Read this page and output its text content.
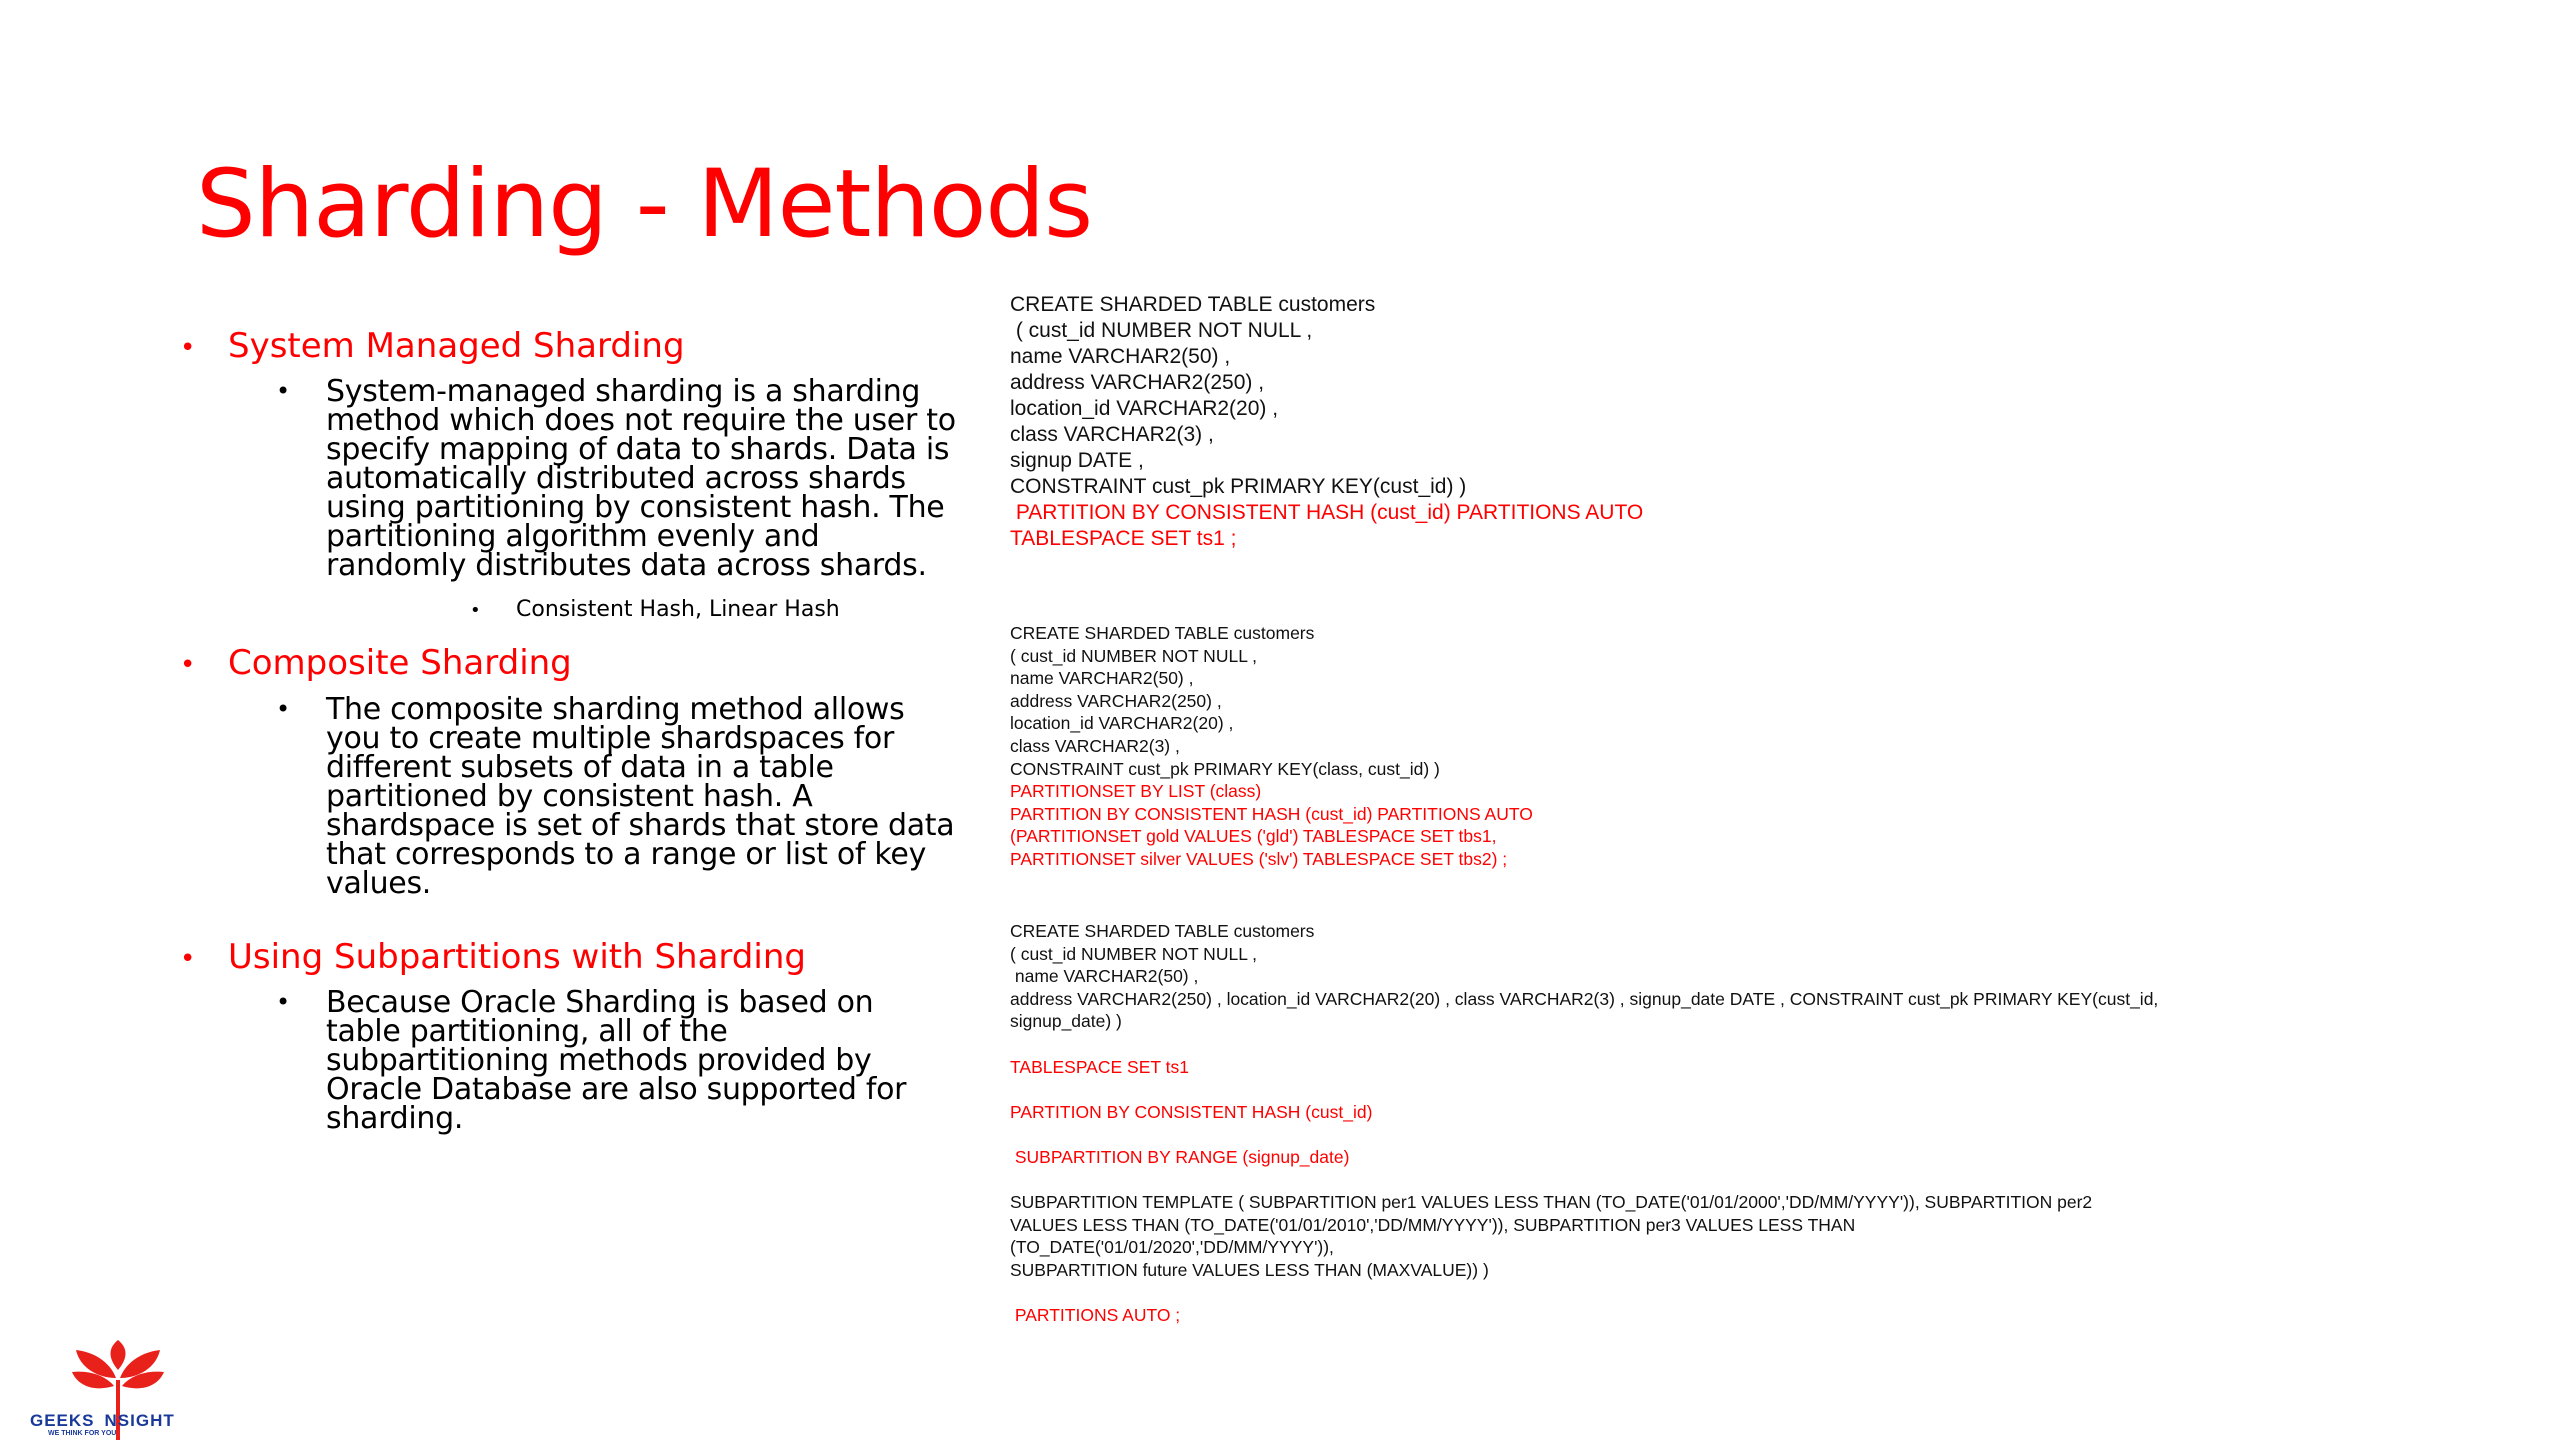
Sharding - Methods
• System Managed Sharding
• System-managed sharding is a sharding method which does not require the user to specify mapping of data to shards. Data is automatically distributed across shards using partitioning by consistent hash. The partitioning algorithm evenly and randomly distributes data across shards.
• Consistent Hash, Linear Hash
• Composite Sharding
• The composite sharding method allows you to create multiple shardspaces for different subsets of data in a table partitioned by consistent hash. A shardspace is set of shards that store data that corresponds to a range or list of key values.
• Using Subpartitions with Sharding
• Because Oracle Sharding is based on table partitioning, all of the subpartitioning methods provided by Oracle Database are also supported for sharding.
CREATE SHARDED TABLE customers
( cust_id NUMBER NOT NULL ,
name VARCHAR2(50) ,
address VARCHAR2(250) ,
location_id VARCHAR2(20) ,
class VARCHAR2(3) ,
signup DATE ,
CONSTRAINT cust_pk PRIMARY KEY(cust_id) )
PARTITION BY CONSISTENT HASH (cust_id) PARTITIONS AUTO
TABLESPACE SET ts1 ;
CREATE SHARDED TABLE customers
( cust_id NUMBER NOT NULL ,
name VARCHAR2(50) ,
address VARCHAR2(250) ,
location_id VARCHAR2(20) ,
class VARCHAR2(3) ,
CONSTRAINT cust_pk PRIMARY KEY(class, cust_id) )
PARTITIONSET BY LIST (class)
PARTITION BY CONSISTENT HASH (cust_id) PARTITIONS AUTO
(PARTITIONSET gold VALUES ('gld') TABLESPACE SET tbs1,
PARTITIONSET silver VALUES ('slv') TABLESPACE SET tbs2) ;
CREATE SHARDED TABLE customers
( cust_id NUMBER NOT NULL ,
name VARCHAR2(50) ,
address VARCHAR2(250) , location_id VARCHAR2(20) , class VARCHAR2(3) , signup_date DATE , CONSTRAINT cust_pk PRIMARY KEY(cust_id,
signup_date) )
TABLESPACE SET ts1
PARTITION BY CONSISTENT HASH (cust_id)
SUBPARTITION BY RANGE (signup_date)
SUBPARTITION TEMPLATE ( SUBPARTITION per1 VALUES LESS THAN (TO_DATE('01/01/2000','DD/MM/YYYY')), SUBPARTITION per2
VALUES LESS THAN (TO_DATE('01/01/2010','DD/MM/YYYY')), SUBPARTITION per3 VALUES LESS THAN
(TO_DATE('01/01/2020','DD/MM/YYYY')),
SUBPARTITION future VALUES LESS THAN (MAXVALUE)) )
PARTITIONS AUTO ;
GEEKS NSIGHT
WE THINK FOR YOU
